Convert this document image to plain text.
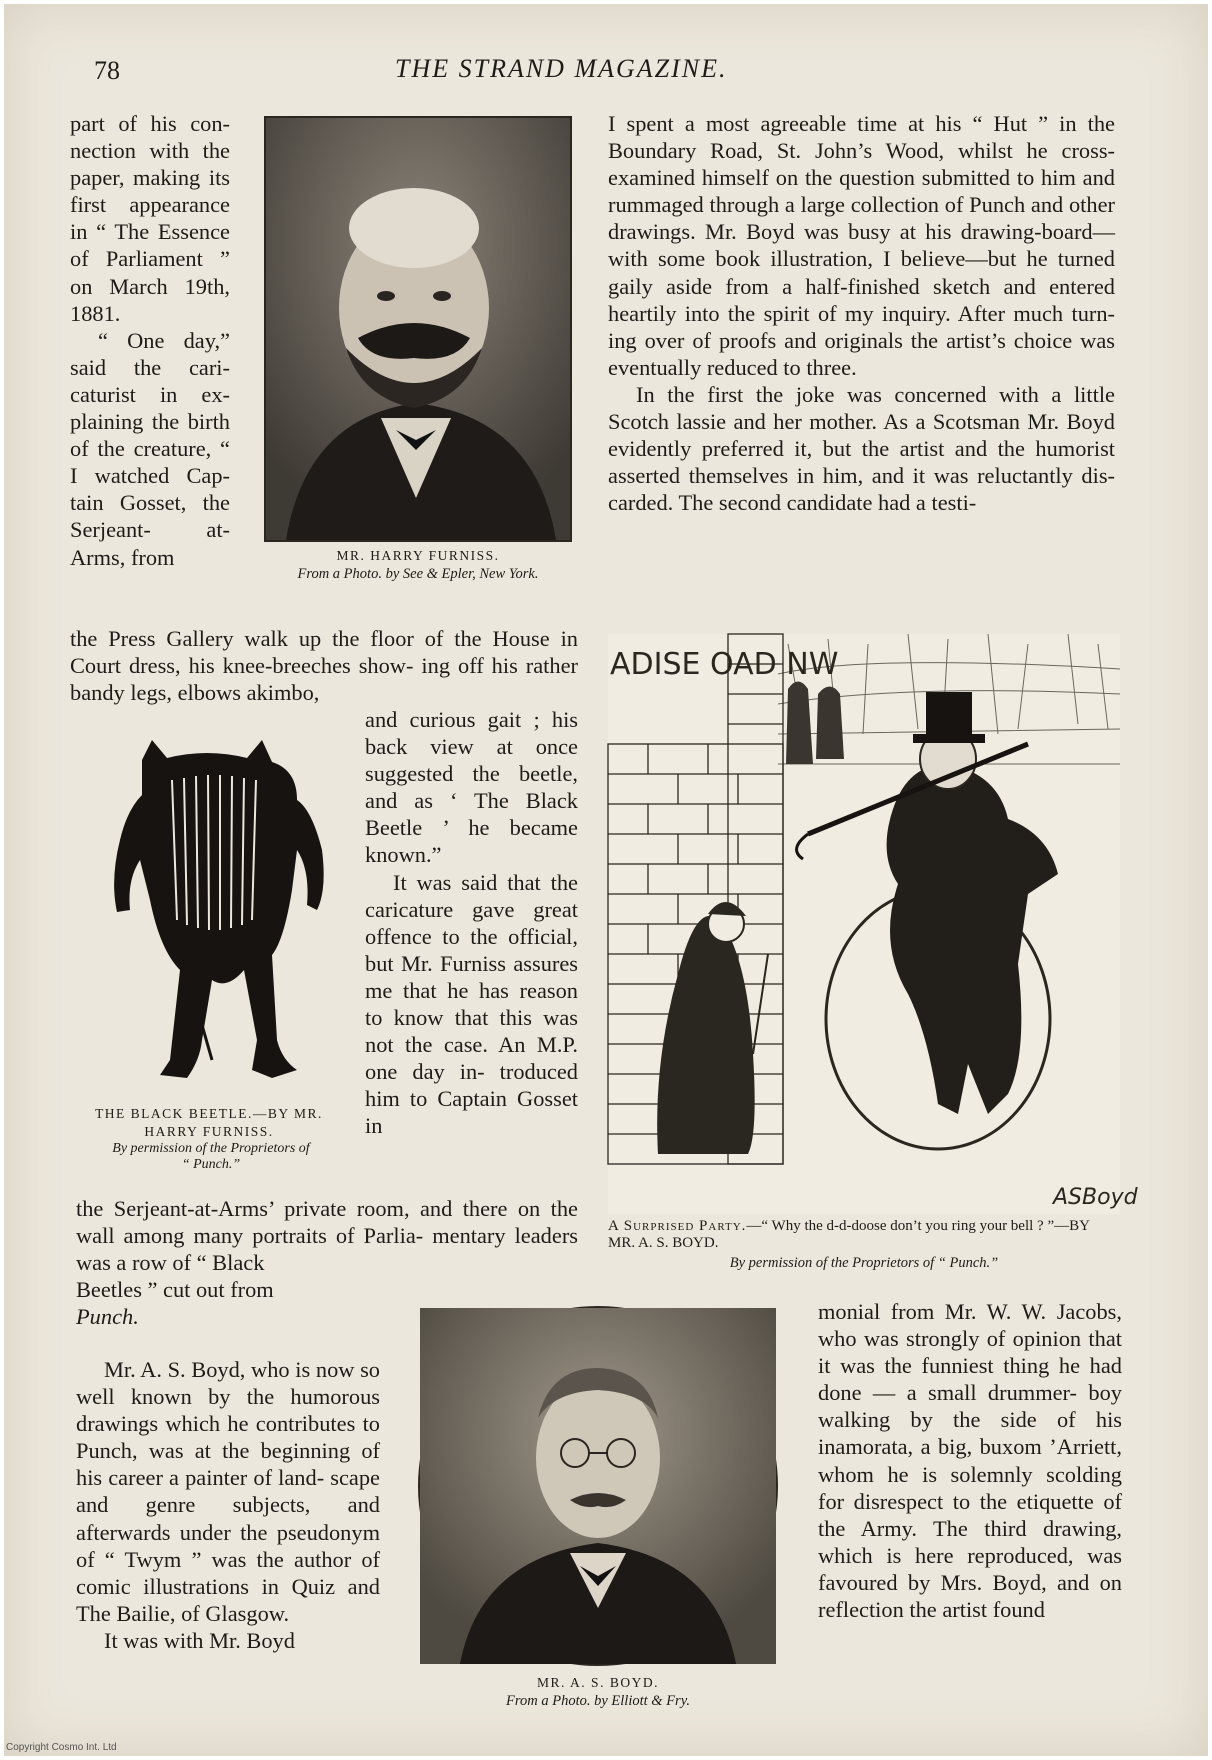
78	THE STRAND MAGAZINE.

part of his con- nection with the paper, making its first appearance in “ The Essence of Parliament ” on March 19th, 1881.

“ One day,” said the cari- caturist in ex- plaining the birth of the creature, “ I watched Cap- tain Gosset, the Serjeant- at-Arms, from

the Press Gallery walk up the floor of the House in Court dress, his knee-breeches show- ing off his rather bandy legs, elbows akimbo,

and curious gait ; his back view at once suggested the beetle, and as ‘ The Black Beetle ’ he became known.”

It was said that the caricature gave great offence to the official, but Mr. Furniss assures me that he has reason to know that this was not the case. An M.P. one day in- troduced him to Captain Gosset in

the Serjeant-at-Arms’ private room, and there on the wall among many portraits of Parlia- mentary leaders was a row of “ Black

Beetles ” cut out from

Punch.

Mr. A. S. Boyd, who is now so well known by the humorous drawings which he contributes to Punch, was at the beginning of his career a painter of land- scape and genre subjects, and afterwards under the pseudonym of “ Twym ” was the author of comic illustrations in Quiz and The Bailie, of Glasgow.

It was with Mr. Boyd

I spent a most agreeable time at his “ Hut ” in the Boundary Road, St. John’s Wood, whilst he cross-examined himself on the question submitted to him and rummaged through a large collection of Punch and other drawings. Mr. Boyd was busy at his drawing-board—with some book illustration, I believe—but he turned gaily aside from a half-finished sketch and entered heartily into the spirit of my inquiry. After much turn- ing over of proofs and originals the artist’s choice was eventually reduced to three.

In the first the joke was concerned with a little Scotch lassie and her mother. As a Scotsman Mr. Boyd evidently preferred it, but the artist and the humorist asserted themselves in him, and it was reluctantly dis- carded. The second candidate had a testi-

monial from Mr. W. W. Jacobs, who was strongly of opinion that it was the funniest thing he had done — a small drummer- boy walking by the side of his inamorata, a big, buxom ’Arriett, whom he is solemnly scolding for disrespect to the etiquette of the Army. The third drawing, which is here reproduced, was favoured by Mrs. Boyd, and on reflection the artist found

MR. HARRY FURNISS.
From a Photo. by See & Epler, New York.
THE BLACK BEETLE.—BY MR.
HARRY FURNISS.
By permission of the Proprietors of
“ Punch.”
ADISE OAD NW
ASBoyd
A Surprised Party.—“ Why the d-d-doose don’t you ring your bell ? ”—BY MR. A. S. BOYD.
By permission of the Proprietors of “ Punch.”
MR. A. S. BOYD.
From a Photo. by Elliott & Fry.
Copyright Cosmo Int. Ltd
